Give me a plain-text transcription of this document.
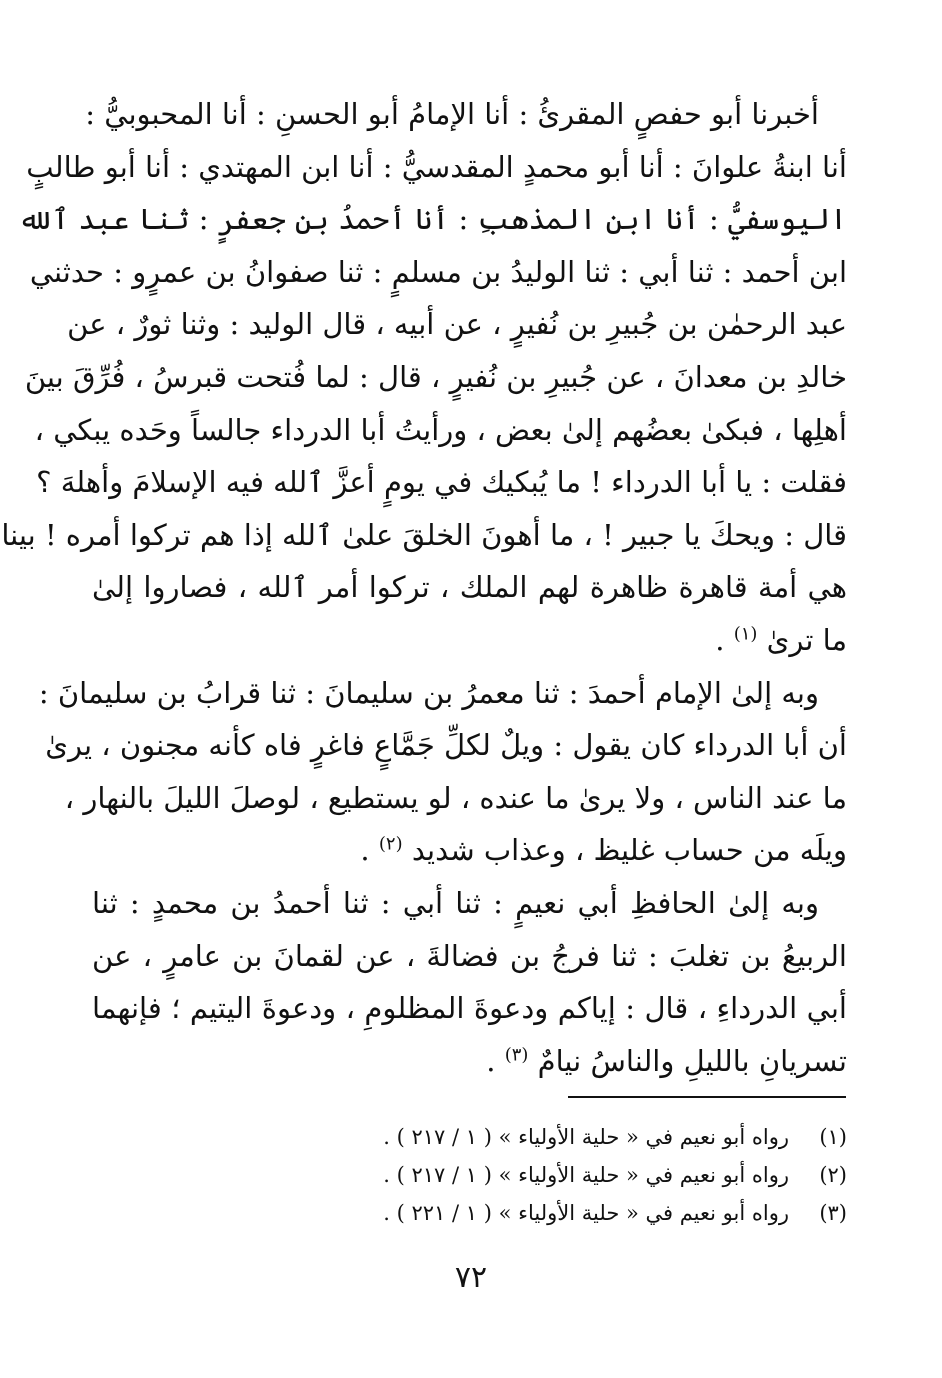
أخبرنا أبو حفصٍ المقرئُ : أنا الإمامُ أبو الحسنِ : أنا المحبوبيُّ :
أنا ابنةُ علوانَ : أنا أبو محمدٍ المقدسيُّ : أنا ابن المهتدي : أنا أبو طالبٍ
اليوسفيُّ : أنا ابن المذهبِ : أنا أحمدُ بن جعفرٍ : ثنا عبد ٱلله
ابن أحمد : ثنا أبي : ثنا الوليدُ بن مسلمٍ : ثنا صفوانُ بن عمرٍو : حدثني
عبد الرحمٰن بن جُبيرِ بن نُفيرٍ ، عن أبيه ، قال الوليد : وثنا ثورٌ ، عن
خالدِ بن معدانَ ، عن جُبيرِ بن نُفيرٍ ، قال : لما فُتحت قبرسُ ، فُرِّقَ بينَ
أهلِها ، فبكىٰ بعضُهم إلىٰ بعض ، ورأيتُ أبا الدرداء جالساً وحَده يبكي ،
فقلت : يا أبا الدرداء ! ما يُبكيك في يومٍ أعزَّ ٱلله فيه الإسلامَ وأهلهَ ؟
قال : ويحكَ يا جبير ! ، ما أهونَ الخلقَ علىٰ ٱلله إذا هم تركوا أمره ! بينا
هي أمة قاهرة ظاهرة لهم الملك ، تركوا أمر ٱلله ، فصاروا إلىٰ
ما ترىٰ $^{(١)}$ .
وبه إلىٰ الإمام أحمدَ : ثنا معمرُ بن سليمانَ : ثنا قرابُ بن سليمانَ :
أن أبا الدرداء كان يقول : ويلٌ لكلِّ جَمَّاعٍ فاغرٍ فاه كأنه مجنون ، يرىٰ
ما عند الناس ، ولا يرىٰ ما عنده ، لو يستطيع ، لوصلَ الليلَ بالنهار ،
ويلَه من حساب غليظ ، وعذاب شديد $^{(٢)}$ .
وبه إلىٰ الحافظِ أبي نعيمٍ : ثنا أبي : ثنا أحمدُ بن محمدٍ : ثنا
الربيعُ بن تغلبَ : ثنا فرجُ بن فضالةَ ، عن لقمانَ بن عامرٍ ، عن
أبي الدرداءِ ، قال : إياكم ودعوةَ المظلومِ ، ودعوةَ اليتيم ؛ فإنهما
تسريانِ بالليلِ والناسُ نيامٌ $^{(٣)}$ .
(١)رواه أبو نعيم في « حلية الأولياء » ( ١ / ٢١٧ ) .
(٢)رواه أبو نعيم في « حلية الأولياء » ( ١ / ٢١٧ ) .
(٣)رواه أبو نعيم في « حلية الأولياء » ( ١ / ٢٢١ ) .
٧٢
